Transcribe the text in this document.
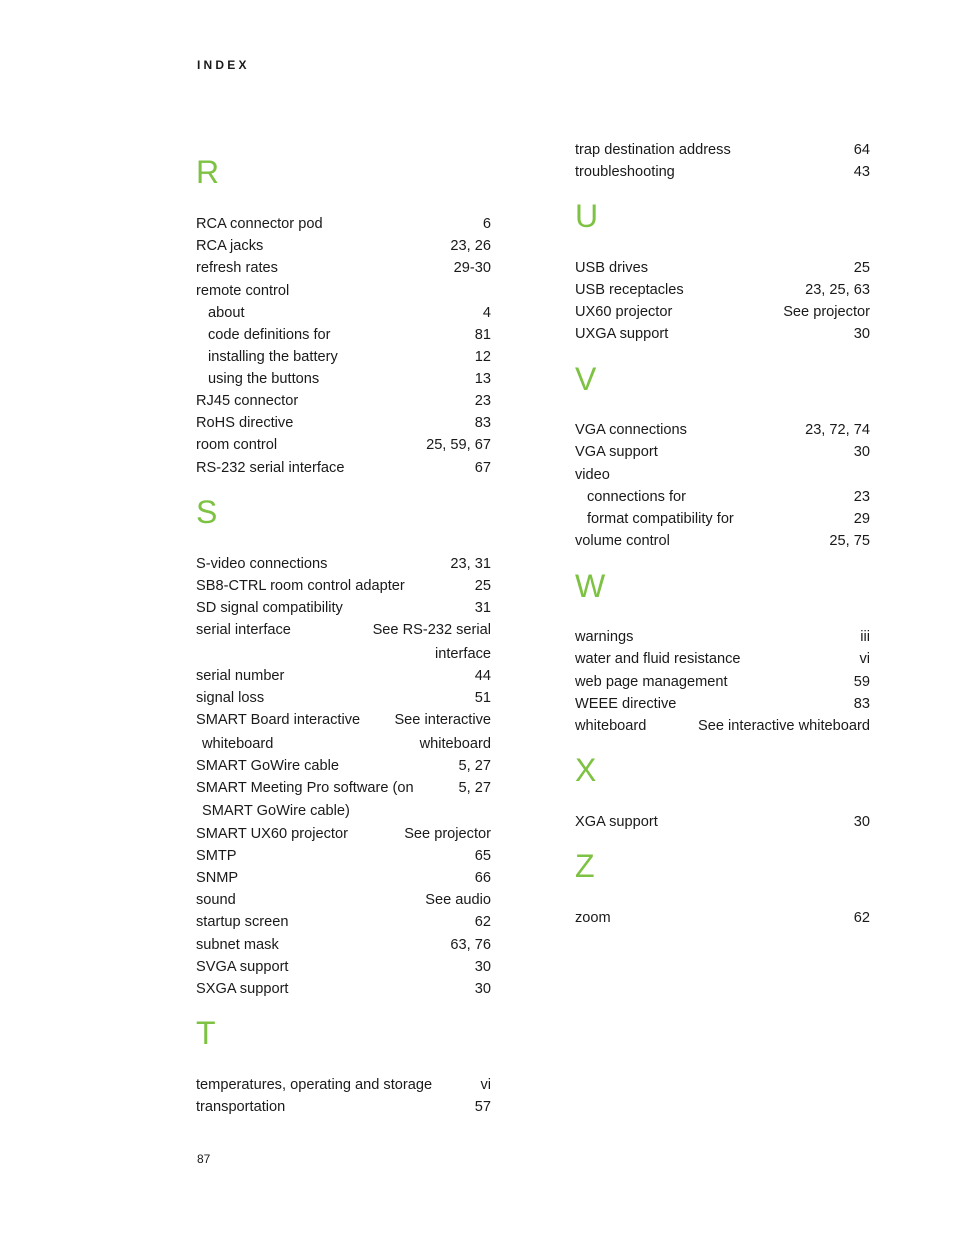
INDEX
R
RCA connector pod	6
RCA jacks	23, 26
refresh rates	29-30
remote control
about	4
code definitions for	81
installing the battery	12
using the buttons	13
RJ45 connector	23
RoHS directive	83
room control	25, 59, 67
RS-232 serial interface	67
S
S-video connections	23, 31
SB8-CTRL room control adapter	25
SD signal compatibility	31
serial interface	See RS-232 serial
interface
serial number	44
signal loss	51
SMART Board interactive See interactive
whiteboard	whiteboard
SMART GoWire cable	5, 27
SMART Meeting Pro software (on	5, 27
SMART GoWire cable)
SMART UX60 projector	See projector
SMTP	65
SNMP	66
sound	See audio
startup screen	62
subnet mask	63, 76
SVGA support	30
SXGA support	30
T
temperatures, operating and storage	vi
transportation	57
trap destination address	64
troubleshooting	43
U
USB drives	25
USB receptacles	23, 25, 63
UX60 projector	See projector
UXGA support	30
V
VGA connections	23, 72, 74
VGA support	30
video
connections for	23
format compatibility for	29
volume control	25, 75
W
warnings	iii
water and fluid resistance	vi
web page management	59
WEEE directive	83
whiteboard	See interactive whiteboard
X
XGA support	30
Z
zoom	62
87
